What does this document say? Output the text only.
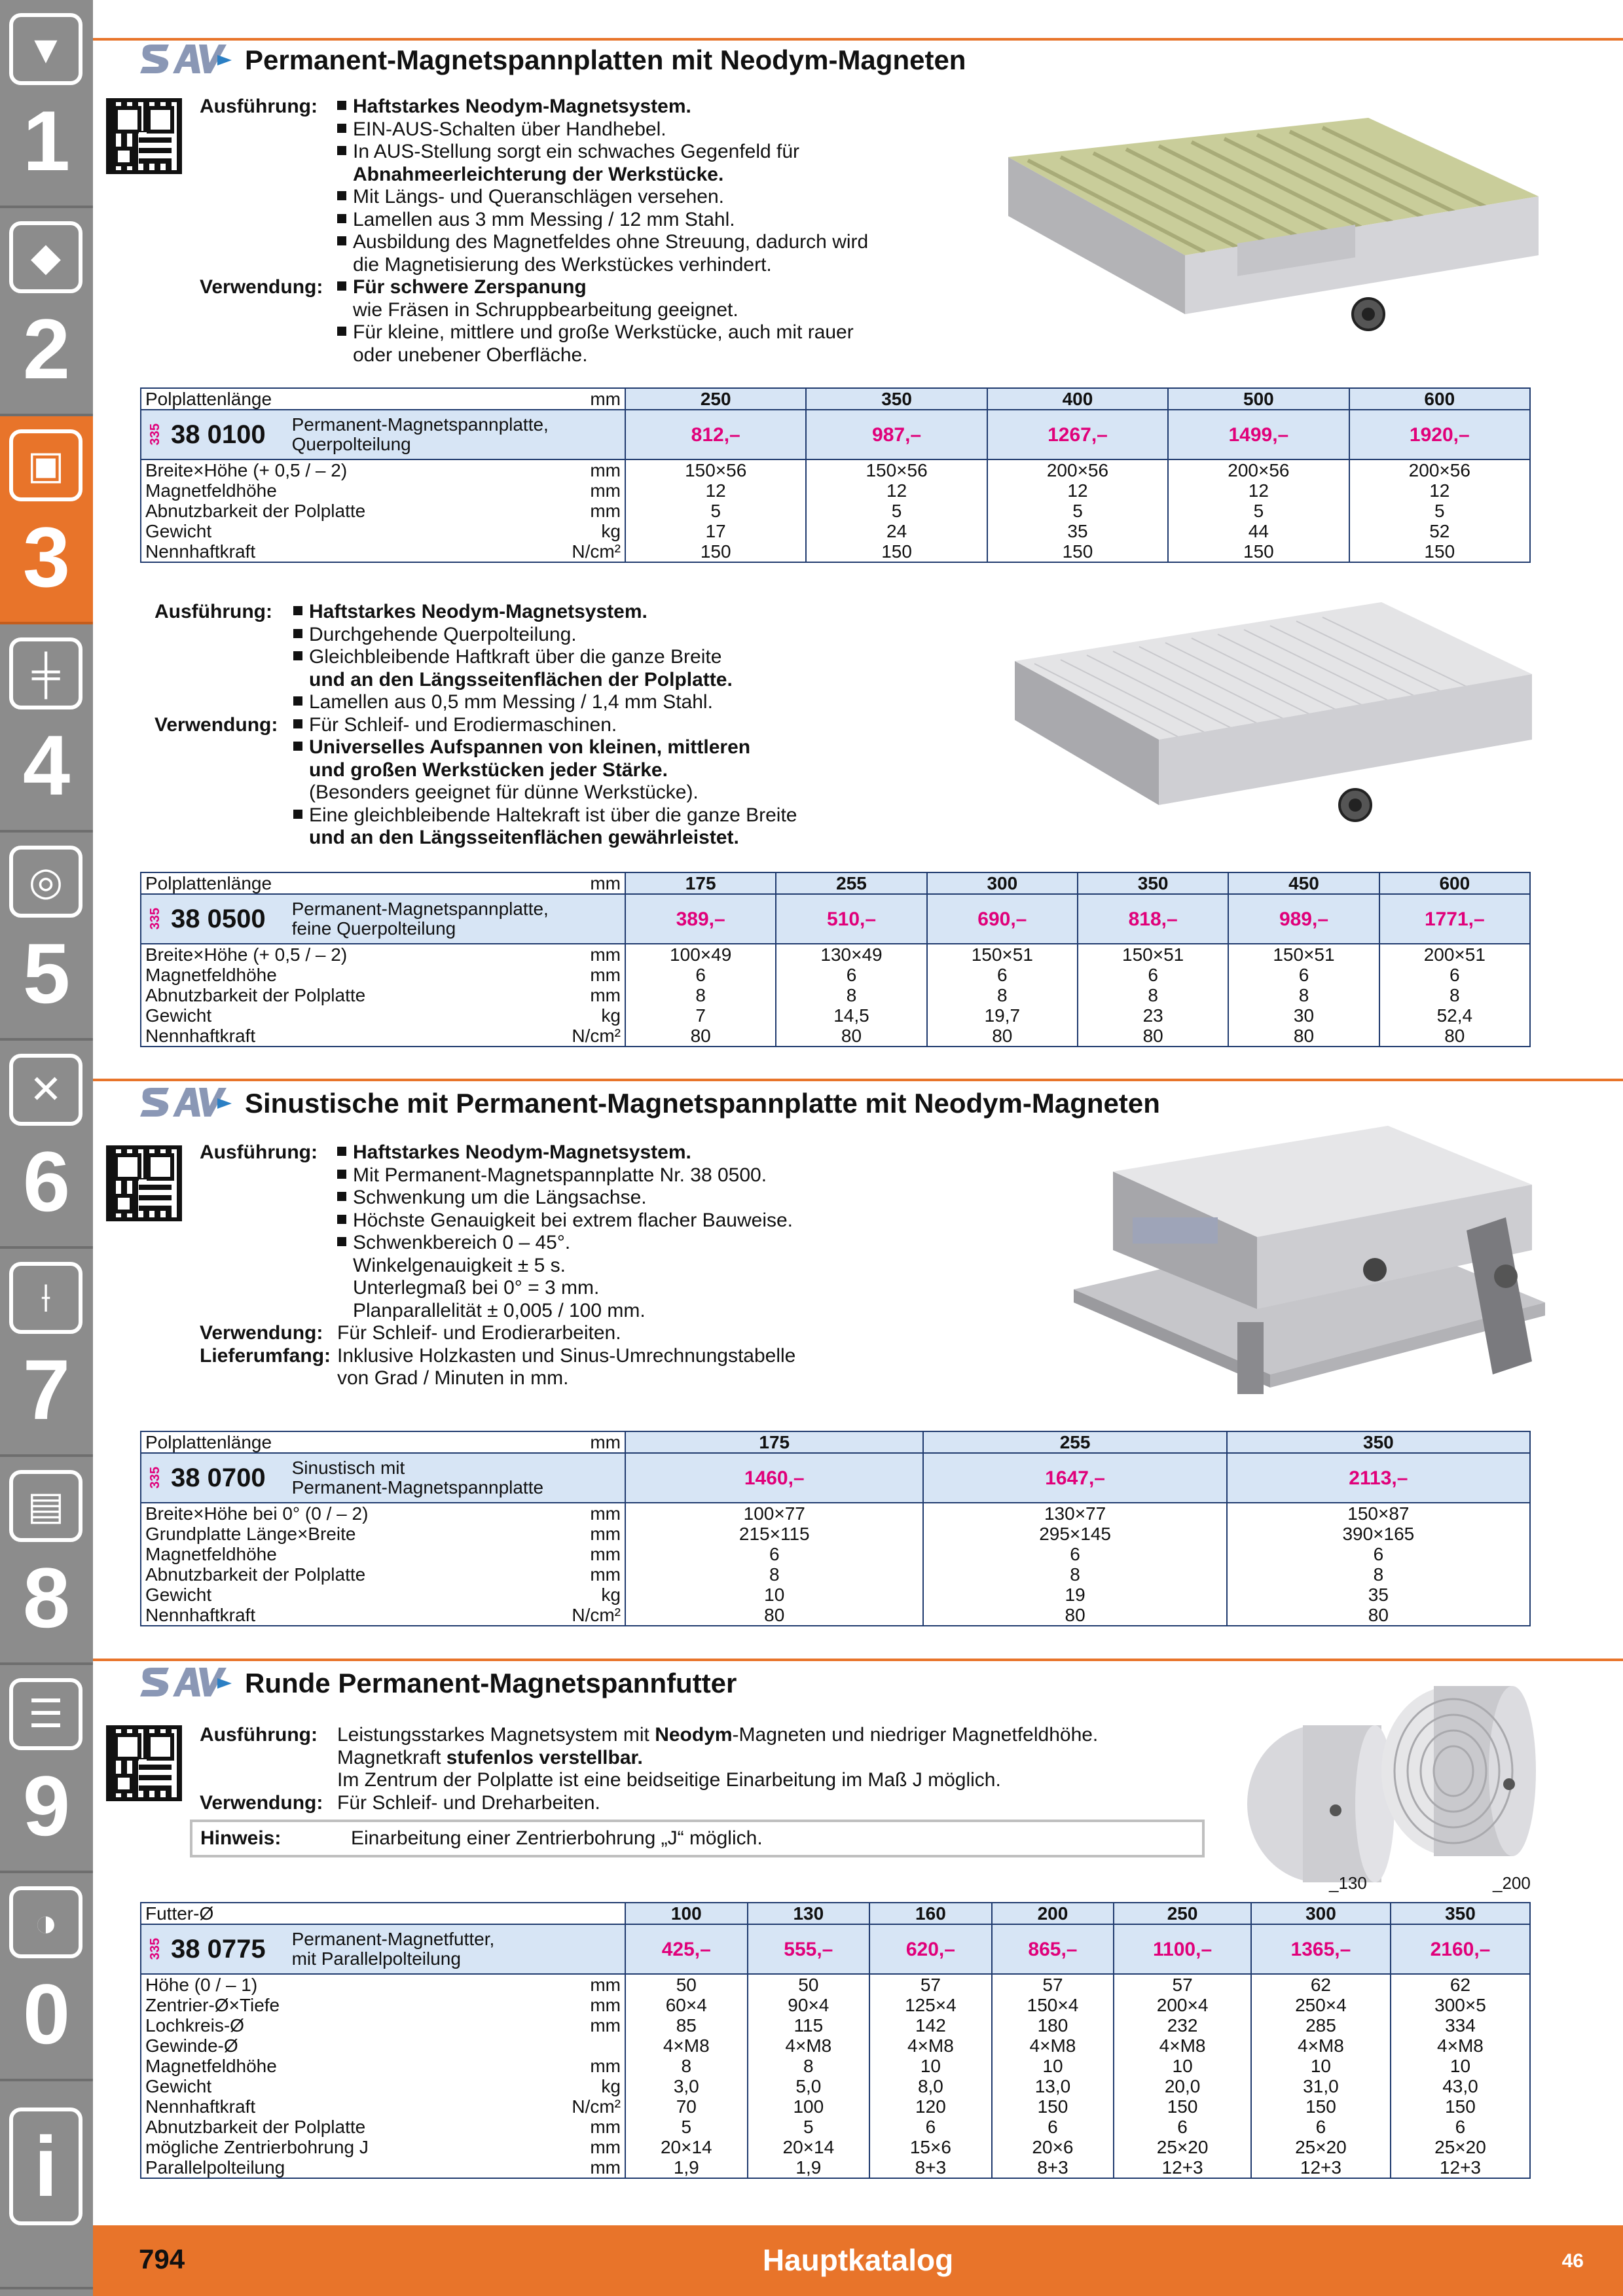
▼
1
◆
2
▣
3
╪
4
◎
5
✕
6
⟊
7
▤
8
☰
9
◑
0
i
Permanent-Magnetspannplatten mit Neodym-Magneten
Ausführung:	Haftstarkes Neodym-Magnetsystem.
EIN-AUS-Schalten über Handhebel.
In AUS-Stellung sorgt ein schwaches Gegenfeld für
Abnahmeerleichterung der Werkstücke.
Mit Längs- und Queranschlägen versehen.
Lamellen aus 3 mm Messing / 12 mm Stahl.
Ausbildung des Magnetfeldes ohne Streuung, dadurch wird
die Magnetisierung des Werkstückes verhindert.
Verwendung:	Für schwere Zerspanung
wie Fräsen in Schruppbearbeitung geeignet.
Für kleine, mittlere und große Werkstücke, auch mit rauer
oder unebener Oberfläche.
Polplattenlänge	mm	250	350	400	500	600

335 38 0100 Permanent-Magnetspannplatte,
Querpolteilung		812,–	987,–	1267,–	1499,–	1920,–
Breite×Höhe (+ 0,5 / – 2)	mm	150×56	150×56	200×56	200×56	200×56
Magnetfeldhöhe	mm	12	12	12	12	12
Abnutzbarkeit der Polplatte	mm	5	5	5	5	5
Gewicht	kg	17	24	35	44	52
Nennhaftkraft	N/cm²	150	150	150	150	150
Ausführung:	Haftstarkes Neodym-Magnetsystem.
Durchgehende Querpolteilung.
Gleichbleibende Haftkraft über die ganze Breite
und an den Längsseitenflächen der Polplatte.
Lamellen aus 0,5 mm Messing / 1,4 mm Stahl.
Verwendung:	Für Schleif- und Erodiermaschinen.
Universelles Aufspannen von kleinen, mittleren
und großen Werkstücken jeder Stärke.
(Besonders geeignet für dünne Werkstücke).
Eine gleichbleibende Haltekraft ist über die ganze Breite
und an den Längsseitenflächen gewährleistet.
Polplattenlänge	mm	175	255	300	350	450	600

335 38 0500 Permanent-Magnetspannplatte,
feine Querpolteilung		389,–	510,–	690,–	818,–	989,–	1771,–
Breite×Höhe (+ 0,5 / – 2)	mm	100×49	130×49	150×51	150×51	150×51	200×51
Magnetfeldhöhe	mm	6	6	6	6	6	6
Abnutzbarkeit der Polplatte	mm	8	8	8	8	8	8
Gewicht	kg	7	14,5	19,7	23	30	52,4
Nennhaftkraft	N/cm²	80	80	80	80	80	80
Sinustische mit Permanent-Magnetspannplatte mit Neodym-Magneten
Ausführung:	Haftstarkes Neodym-Magnetsystem.
Mit Permanent-Magnetspannplatte Nr. 38 0500.
Schwenkung um die Längsachse.
Höchste Genauigkeit bei extrem flacher Bauweise.
Schwenkbereich 0 – 45°.
Winkelgenauigkeit ± 5 s.
Unterlegmaß bei 0° = 3 mm.
Planparallelität ± 0,005 / 100 mm.
Verwendung: Für Schleif- und Erodierarbeiten.
Lieferumfang: Inklusive Holzkasten und Sinus-Umrechnungstabelle
von Grad / Minuten in mm.
Polplattenlänge	mm	175	255	350

335 38 0700 Sinustisch mit
Permanent-Magnetspannplatte		1460,–	1647,–	2113,–
Breite×Höhe bei 0° (0 / – 2)	mm	100×77	130×77	150×87
Grundplatte Länge×Breite	mm	215×115	295×145	390×165
Magnetfeldhöhe	mm	6	6	6
Abnutzbarkeit der Polplatte	mm	8	8	8
Gewicht	kg	10	19	35
Nennhaftkraft	N/cm²	80	80	80
Runde Permanent-Magnetspannfutter
Ausführung:	Leistungsstarkes Magnetsystem mit Neodym-Magneten und niedriger Magnetfeldhöhe.
Magnetkraft stufenlos verstellbar.
Im Zentrum der Polplatte ist eine beidseitige Einarbeitung im Maß J möglich.
Verwendung: Für Schleif- und Dreharbeiten.
Hinweis:	Einarbeitung einer Zentrierbohrung „J“ möglich.
_130	_200
Futter-Ø		100	130	160	200	250	300	350

335 38 0775 Permanent-Magnetfutter,
mit Parallelpolteilung		425,–	555,–	620,–	865,–	1100,–	1365,–	2160,–
Höhe (0 / – 1)	mm	50	50	57	57	57	62	62
Zentrier-Ø×Tiefe	mm	60×4	90×4	125×4	150×4	200×4	250×4	300×5
Lochkreis-Ø	mm	85	115	142	180	232	285	334
Gewinde-Ø		4×M8	4×M8	4×M8	4×M8	4×M8	4×M8	4×M8
Magnetfeldhöhe	mm	8	8	10	10	10	10	10
Gewicht	kg	3,0	5,0	8,0	13,0	20,0	31,0	43,0
Nennhaftkraft	N/cm²	70	100	120	150	150	150	150
Abnutzbarkeit der Polplatte	mm	5	5	6	6	6	6	6
mögliche Zentrierbohrung J	mm	20×14	20×14	15×6	20×6	25×20	25×20	25×20
Parallelpolteilung	mm	1,9	1,9	8+3	8+3	12+3	12+3	12+3
794	Hauptkatalog	46
